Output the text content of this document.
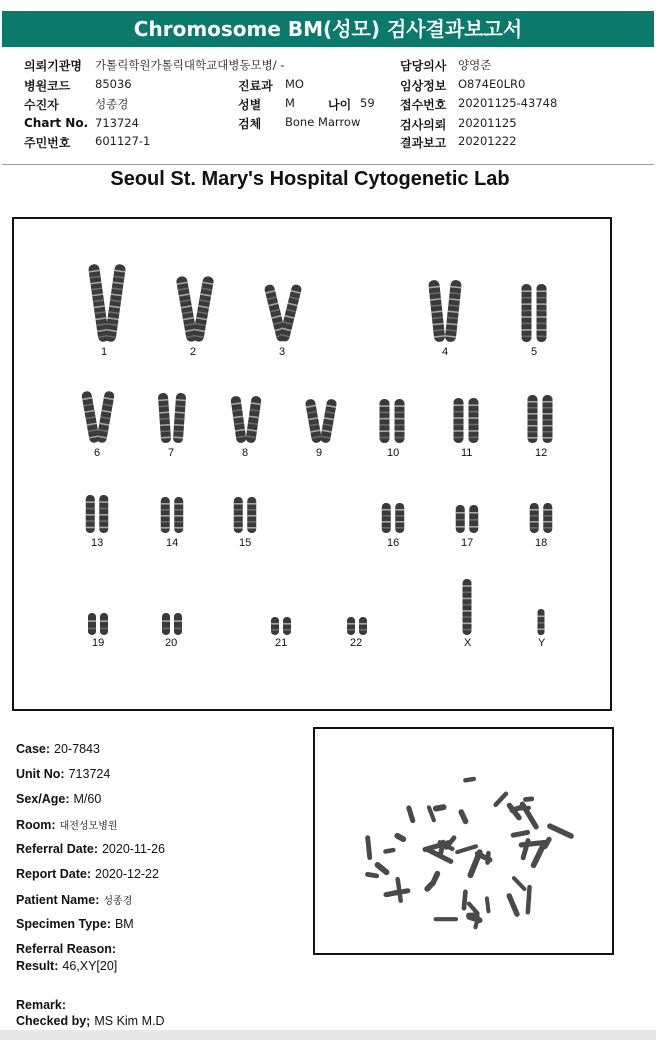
Chromosome BM(성모) 검사결과보고서
의뢰기관명 가톨릭학원가톨릭대학교대병동모병/ -
병원코드 85036
수진자	성종경
Chart No. 713724
주민번호 601127-1
진료과 MO
성별 M	나이 59
검체 Bone Marrow
담당의사 양영준
임상정보 O874E0LR0
접수번호 20201125-43748
검사의뢰 20201125
결과보고 20201222
Seoul St. Mary's Hospital Cytogenetic Lab
1	2	3	4	5
6	7	8	9	10	11	12
13	14	15	16	17	18
19	20	21	22	X	Y
Case: 20-7843
Unit No: 713724
Sex/Age: M/60
Room: 대전성모병원
Referral Date: 2020-11-26
Report Date: 2020-12-22
Patient Name: 성종경
Specimen Type: BM
Referral Reason:
Result: 46,XY[20]
Remark:
Checked by; MS Kim M.D
